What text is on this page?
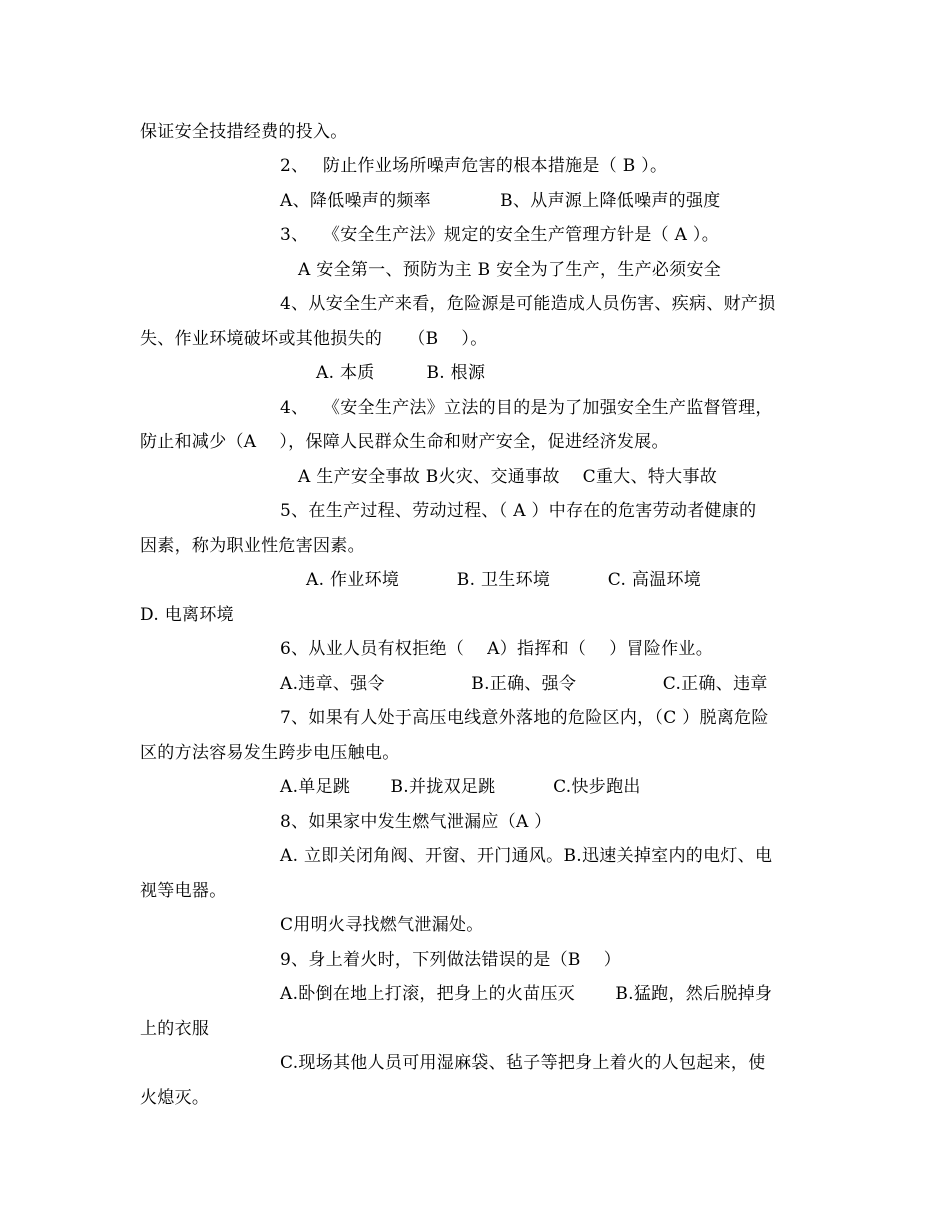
保证安全技措经费的投入。
2、　 防止作业场所噪声危害的根本措施是（ B ）。
A、降低噪声的频率　　　　B、从声源上降低噪声的强度
3、　 《安全生产法》规定的安全生产管理方针是（ A ）。
A 安全第一、预防为主 B 安全为了生产，生产必须安全
4、从安全生产来看，危险源是可能造成人员伤害、疾病、财产损
失、作业环境破坏或其他损失的　　（B　 ）。
A. 本质　　　B. 根源
4、　 《安全生产法》立法的目的是为了加强安全生产监督管理，
防止和减少（A　 ），保障人民群众生命和财产安全，促进经济发展。
A 生产安全事故 B火灾、交通事故　 C重大、特大事故
5、在生产过程、劳动过程、（ A ）中存在的危害劳动者健康的
因素，称为职业性危害因素。
A. 作业环境　　　 B. 卫生环境　　　 C. 高温环境
D. 电离环境
6、从业人员有权拒绝（　 A）指挥和（　 ）冒险作业。
A.违章、强令　　　　　B.正确、强令　　　　　C.正确、违章
7、如果有人处于高压电线意外落地的危险区内，（C ）脱离危险
区的方法容易发生跨步电压触电。
A.单足跳　　 B.并拢双足跳　　　 C.快步跑出
8、如果家中发生燃气泄漏应（A ）
A. 立即关闭角阀、开窗、开门通风。B.迅速关掉室内的电灯、电
视等电器。
C用明火寻找燃气泄漏处。
9、身上着火时，下列做法错误的是（B　 ）
A.卧倒在地上打滚，把身上的火苗压灭　　 B.猛跑，然后脱掉身
上的衣服
C.现场其他人员可用湿麻袋、毡子等把身上着火的人包起来，使
火熄灭。
